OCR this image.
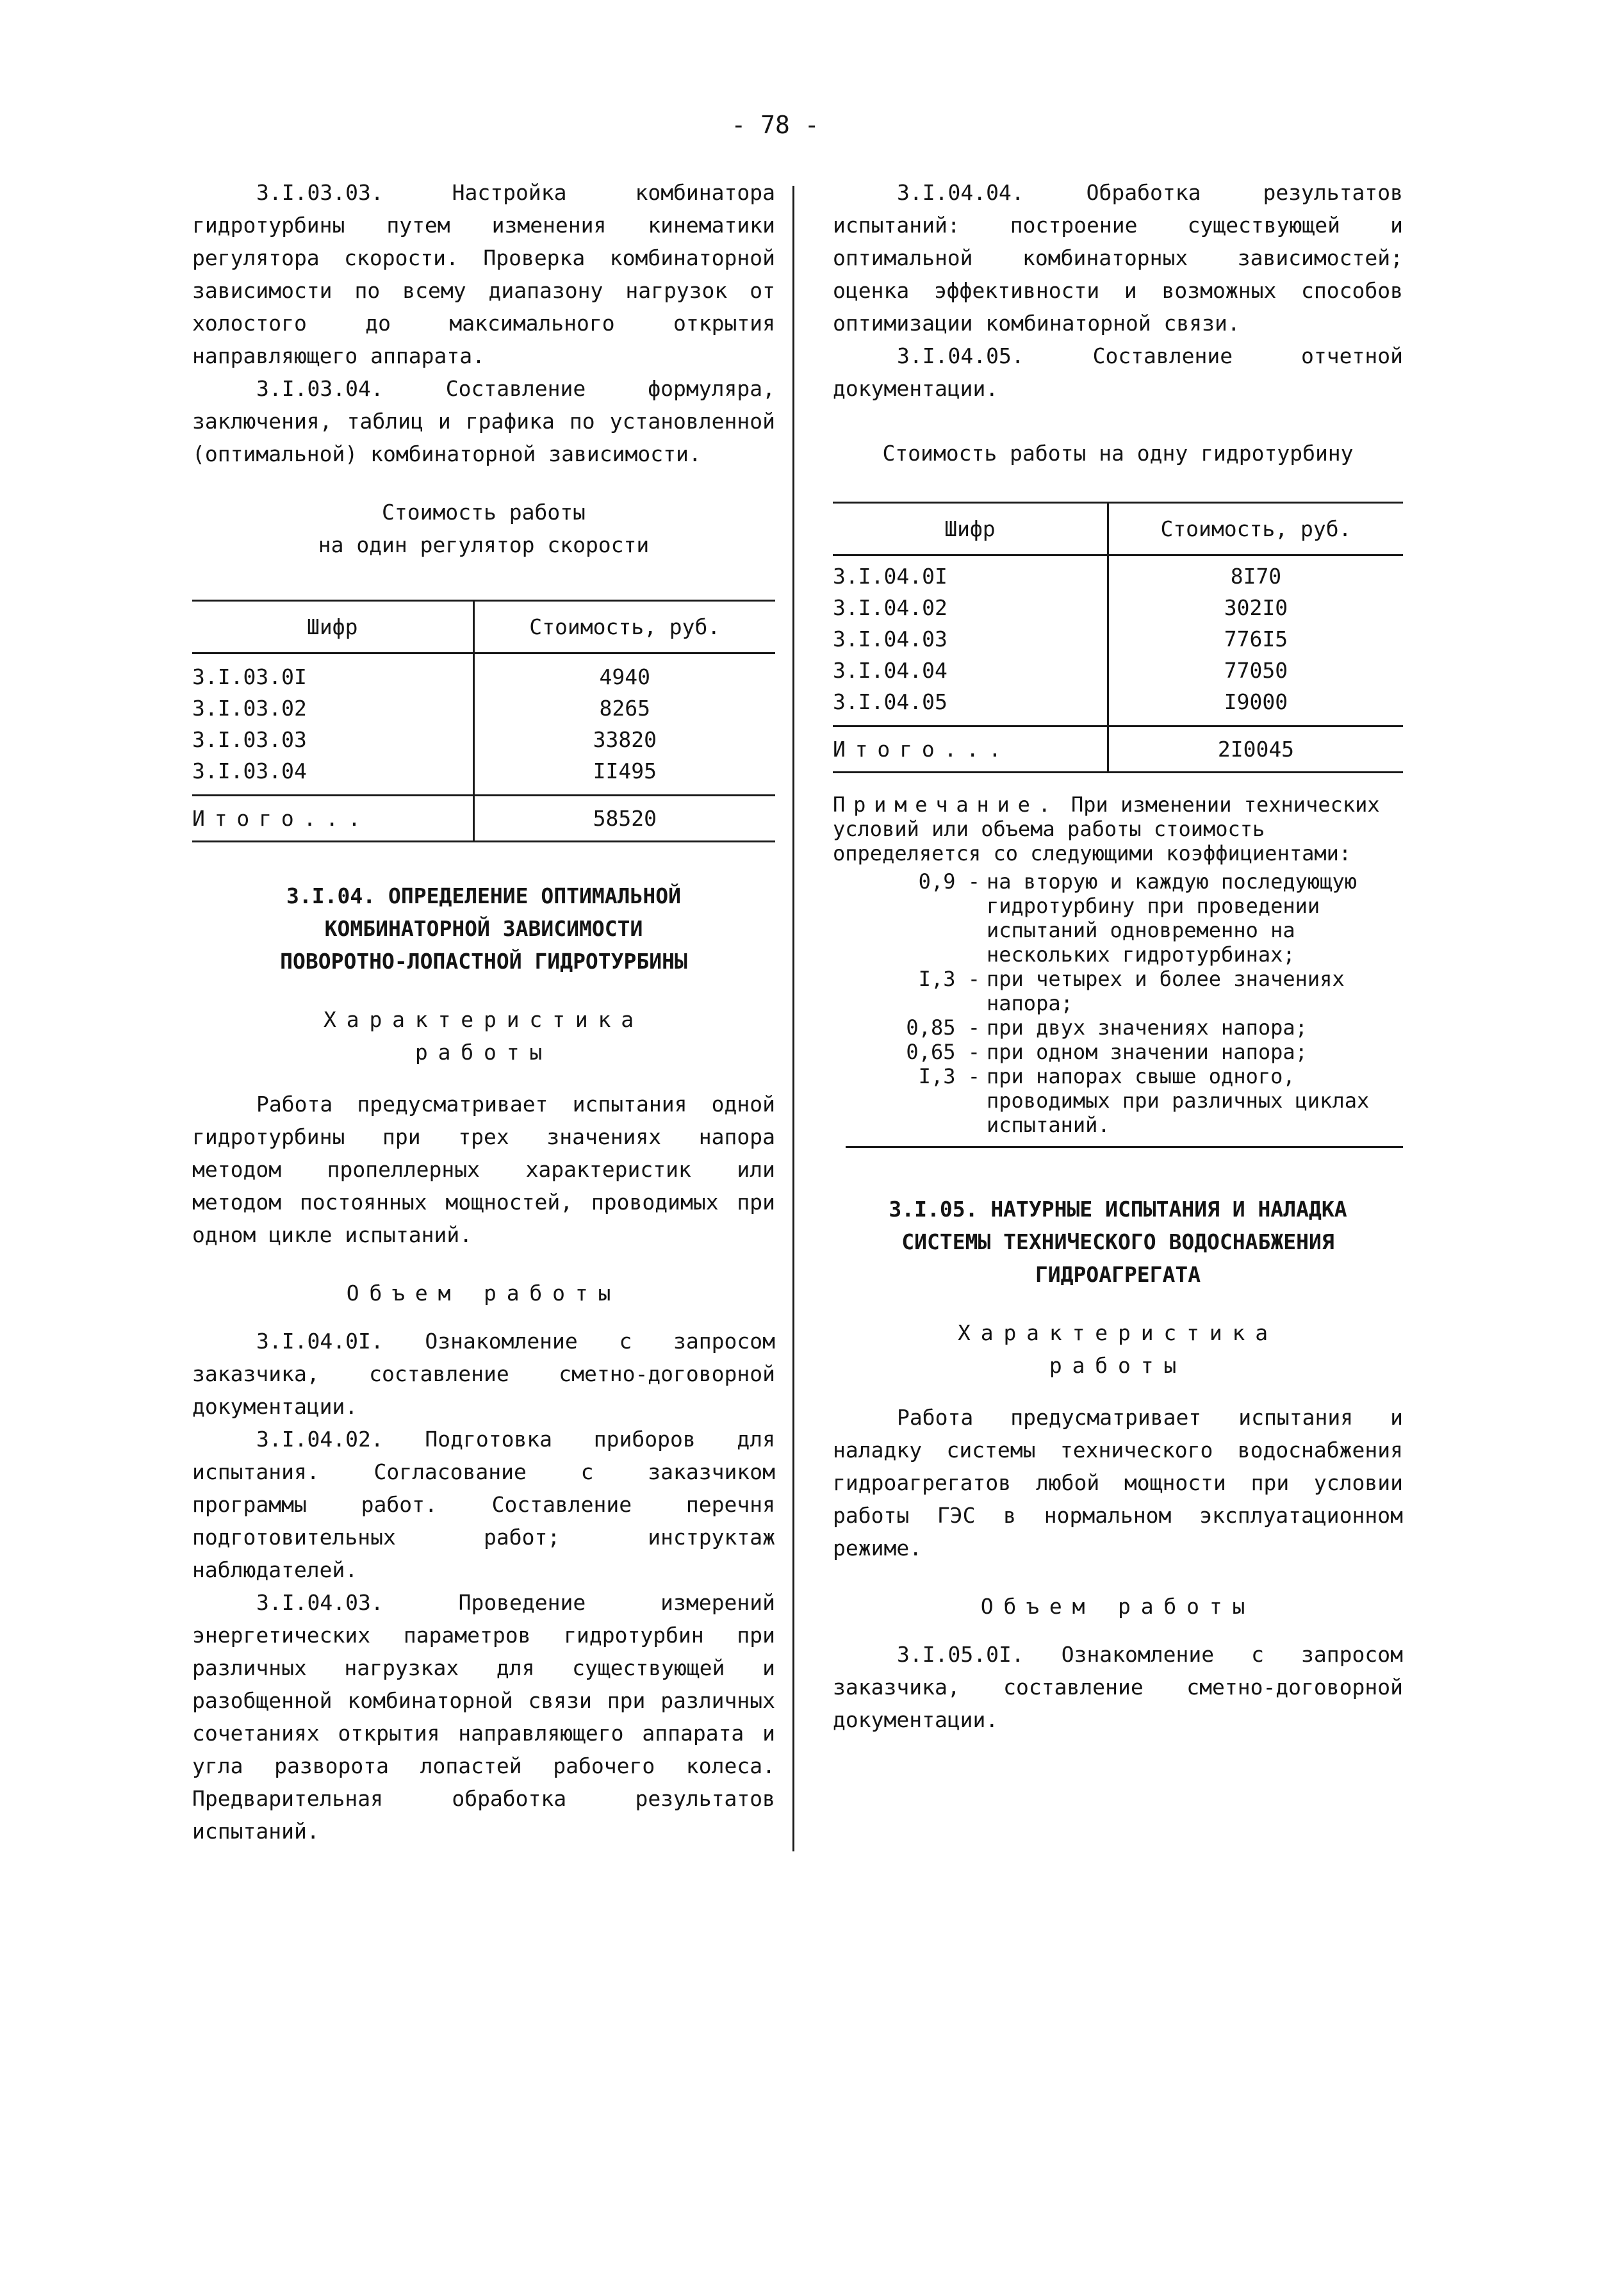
- 78 -

3.I.03.03. Настройка комбинатора гидротурбины путем изменения кинематики регулятора скорости. Проверка комбинаторной зависимости по всему диапазону нагрузок от холостого до максимального открытия направляющего аппарата.

3.I.03.04. Составление формуляра, заключения, таблиц и графика по установленной (оптимальной) комбинаторной зависимости.

Стоимость работы
на один регулятор скорости
Шифр	Стоимость, руб.

3.I.03.0I	4940
3.I.03.02	8265
3.I.03.03	33820
3.I.03.04	II495
Итого...	58520
3.I.04. ОПРЕДЕЛЕНИЕ ОПТИМАЛЬНОЙ
КОМБИНАТОРНОЙ ЗАВИСИМОСТИ
ПОВОРОТНО-ЛОПАСТНОЙ ГИДРОТУРБИНЫ
Характеристика
работы

Работа предусматривает испытания одной гидротурбины при трех значениях напора методом пропеллерных характеристик или методом постоянных мощностей, проводимых при одном цикле испытаний.

Объем работы

3.I.04.0I. Ознакомление с запросом заказчика, составление сметно-договорной документации.

3.I.04.02. Подготовка приборов для испытания. Согласование с заказчиком программы работ. Составление перечня подготовительных работ; инструктаж наблюдателей.

3.I.04.03. Проведение измерений энергетических параметров гидротурбин при различных нагрузках для существующей и разобщенной комбинаторной связи при различных сочетаниях открытия направляющего аппарата и угла разворота лопастей рабочего колеса. Предварительная обработка результатов испытаний.

3.I.04.04. Обработка результатов испытаний: построение существующей и оптимальной комбинаторных зависимостей; оценка эффективности и возможных способов оптимизации комбинаторной связи.

3.I.04.05. Составление отчетной документации.

Стоимость работы на одну гидротурбину
Шифр	Стоимость, руб.

3.I.04.0I	8I70
3.I.04.02	302I0
3.I.04.03	776I5
3.I.04.04	77050
3.I.04.05	I9000
Итого...	2I0045
Примечание. При изменении технических условий или объема работы стоимость определяется со следующими коэффициентами:
0,9 - на вторую и каждую последующую гидротурбину при проведении испытаний одновременно на нескольких гидротурбинах;
I,3 - при четырех и более значениях напора;
0,85 - при двух значениях напора;
0,65 - при одном значении напора;
I,3 - при напорах свыше одного, проводимых при различных циклах испытаний.
3.I.05. НАТУРНЫЕ ИСПЫТАНИЯ И НАЛАДКА
СИСТЕМЫ ТЕХНИЧЕСКОГО ВОДОСНАБЖЕНИЯ
ГИДРОАГРЕГАТА
Характеристика
работы

Работа предусматривает испытания и наладку системы технического водоснабжения гидроагрегатов любой мощности при условии работы ГЭС в нормальном эксплуатационном режиме.

Объем работы

3.I.05.0I. Ознакомление с запросом заказчика, составление сметно-договорной документации.
